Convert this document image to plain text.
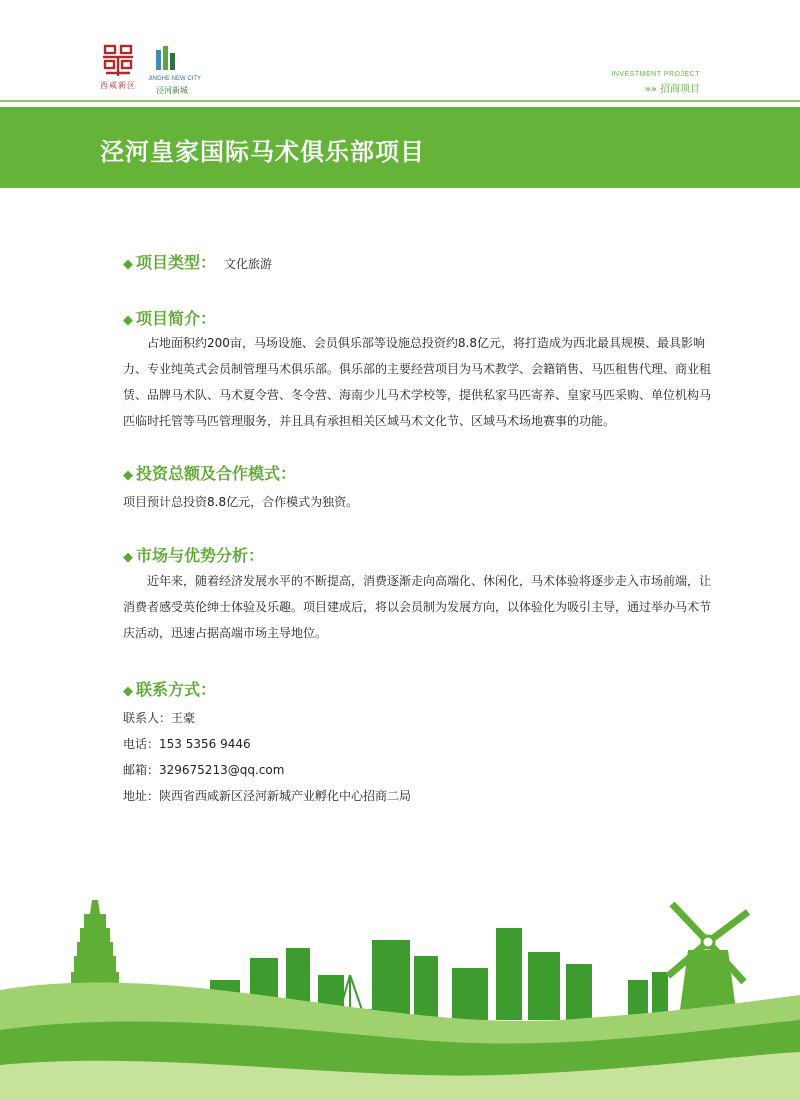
西咸新区
JINGHE NEW CITY
泾河新城
INVESTMENT PROJECT
»» 招商项目
泾河皇家国际马术俱乐部项目
◆ 项目类型： 文化旅游
◆ 项目简介：

占地面积约200亩，马场设施、会员俱乐部等设施总投资约8.8亿元，将打造成为西北最具规模、最具影响力、专业纯英式会员制管理马术俱乐部。俱乐部的主要经营项目为马术教学、会籍销售、马匹租售代理、商业租赁、品牌马术队、马术夏令营、冬令营、海南少儿马术学校等，提供私家马匹寄养、皇家马匹采购、单位机构马匹临时托管等马匹管理服务，并且具有承担相关区域马术文化节、区域马术场地赛事的功能。

◆ 投资总额及合作模式：

项目预计总投资8.8亿元，合作模式为独资。

◆ 市场与优势分析：

近年来，随着经济发展水平的不断提高，消费逐渐走向高端化、休闲化，马术体验将逐步走入市场前端，让消费者感受英伦绅士体验及乐趣。项目建成后，将以会员制为发展方向，以体验化为吸引主导，通过举办马术节庆活动，迅速占据高端市场主导地位。

◆ 联系方式：
联系人：王豪
电话：153 5356 9446
邮箱：329675213@qq.com
地址：陕西省西咸新区泾河新城产业孵化中心招商二局
